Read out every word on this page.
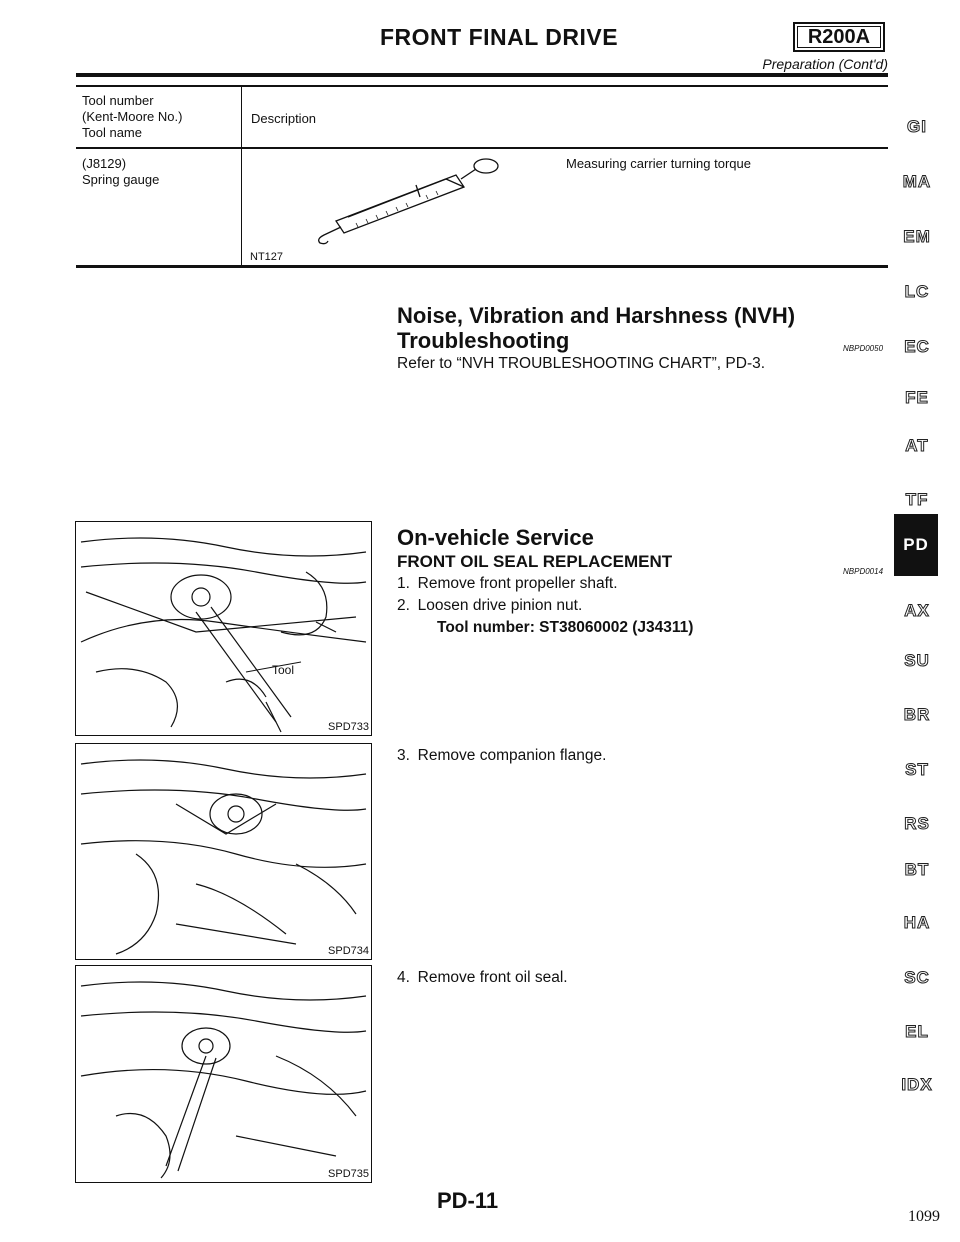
FRONT FINAL DRIVE	R200A
Preparation (Cont'd)
Tool number
(Kent-Moore No.)
Tool name
Description
(J8129)
Spring gauge
Measuring carrier turning torque
NT127
GI
MA
EM
LC
EC
FE
AT
TF
PD
AX
SU
BR
ST
RS
BT
HA
SC
EL
IDX
Noise, Vibration and Harshness (NVH)
Troubleshooting	NBPD0050
Refer to “NVH TROUBLESHOOTING CHART”, PD-3.
On-vehicle Service
FRONT OIL SEAL REPLACEMENT
NBPD0014
1. Remove front propeller shaft.
2. Loosen drive pinion nut.
Tool number: ST38060002 (J34311)
3. Remove companion flange.
4. Remove front oil seal.
Tool
SPD733
SPD734
SPD735
PD-11
1099
